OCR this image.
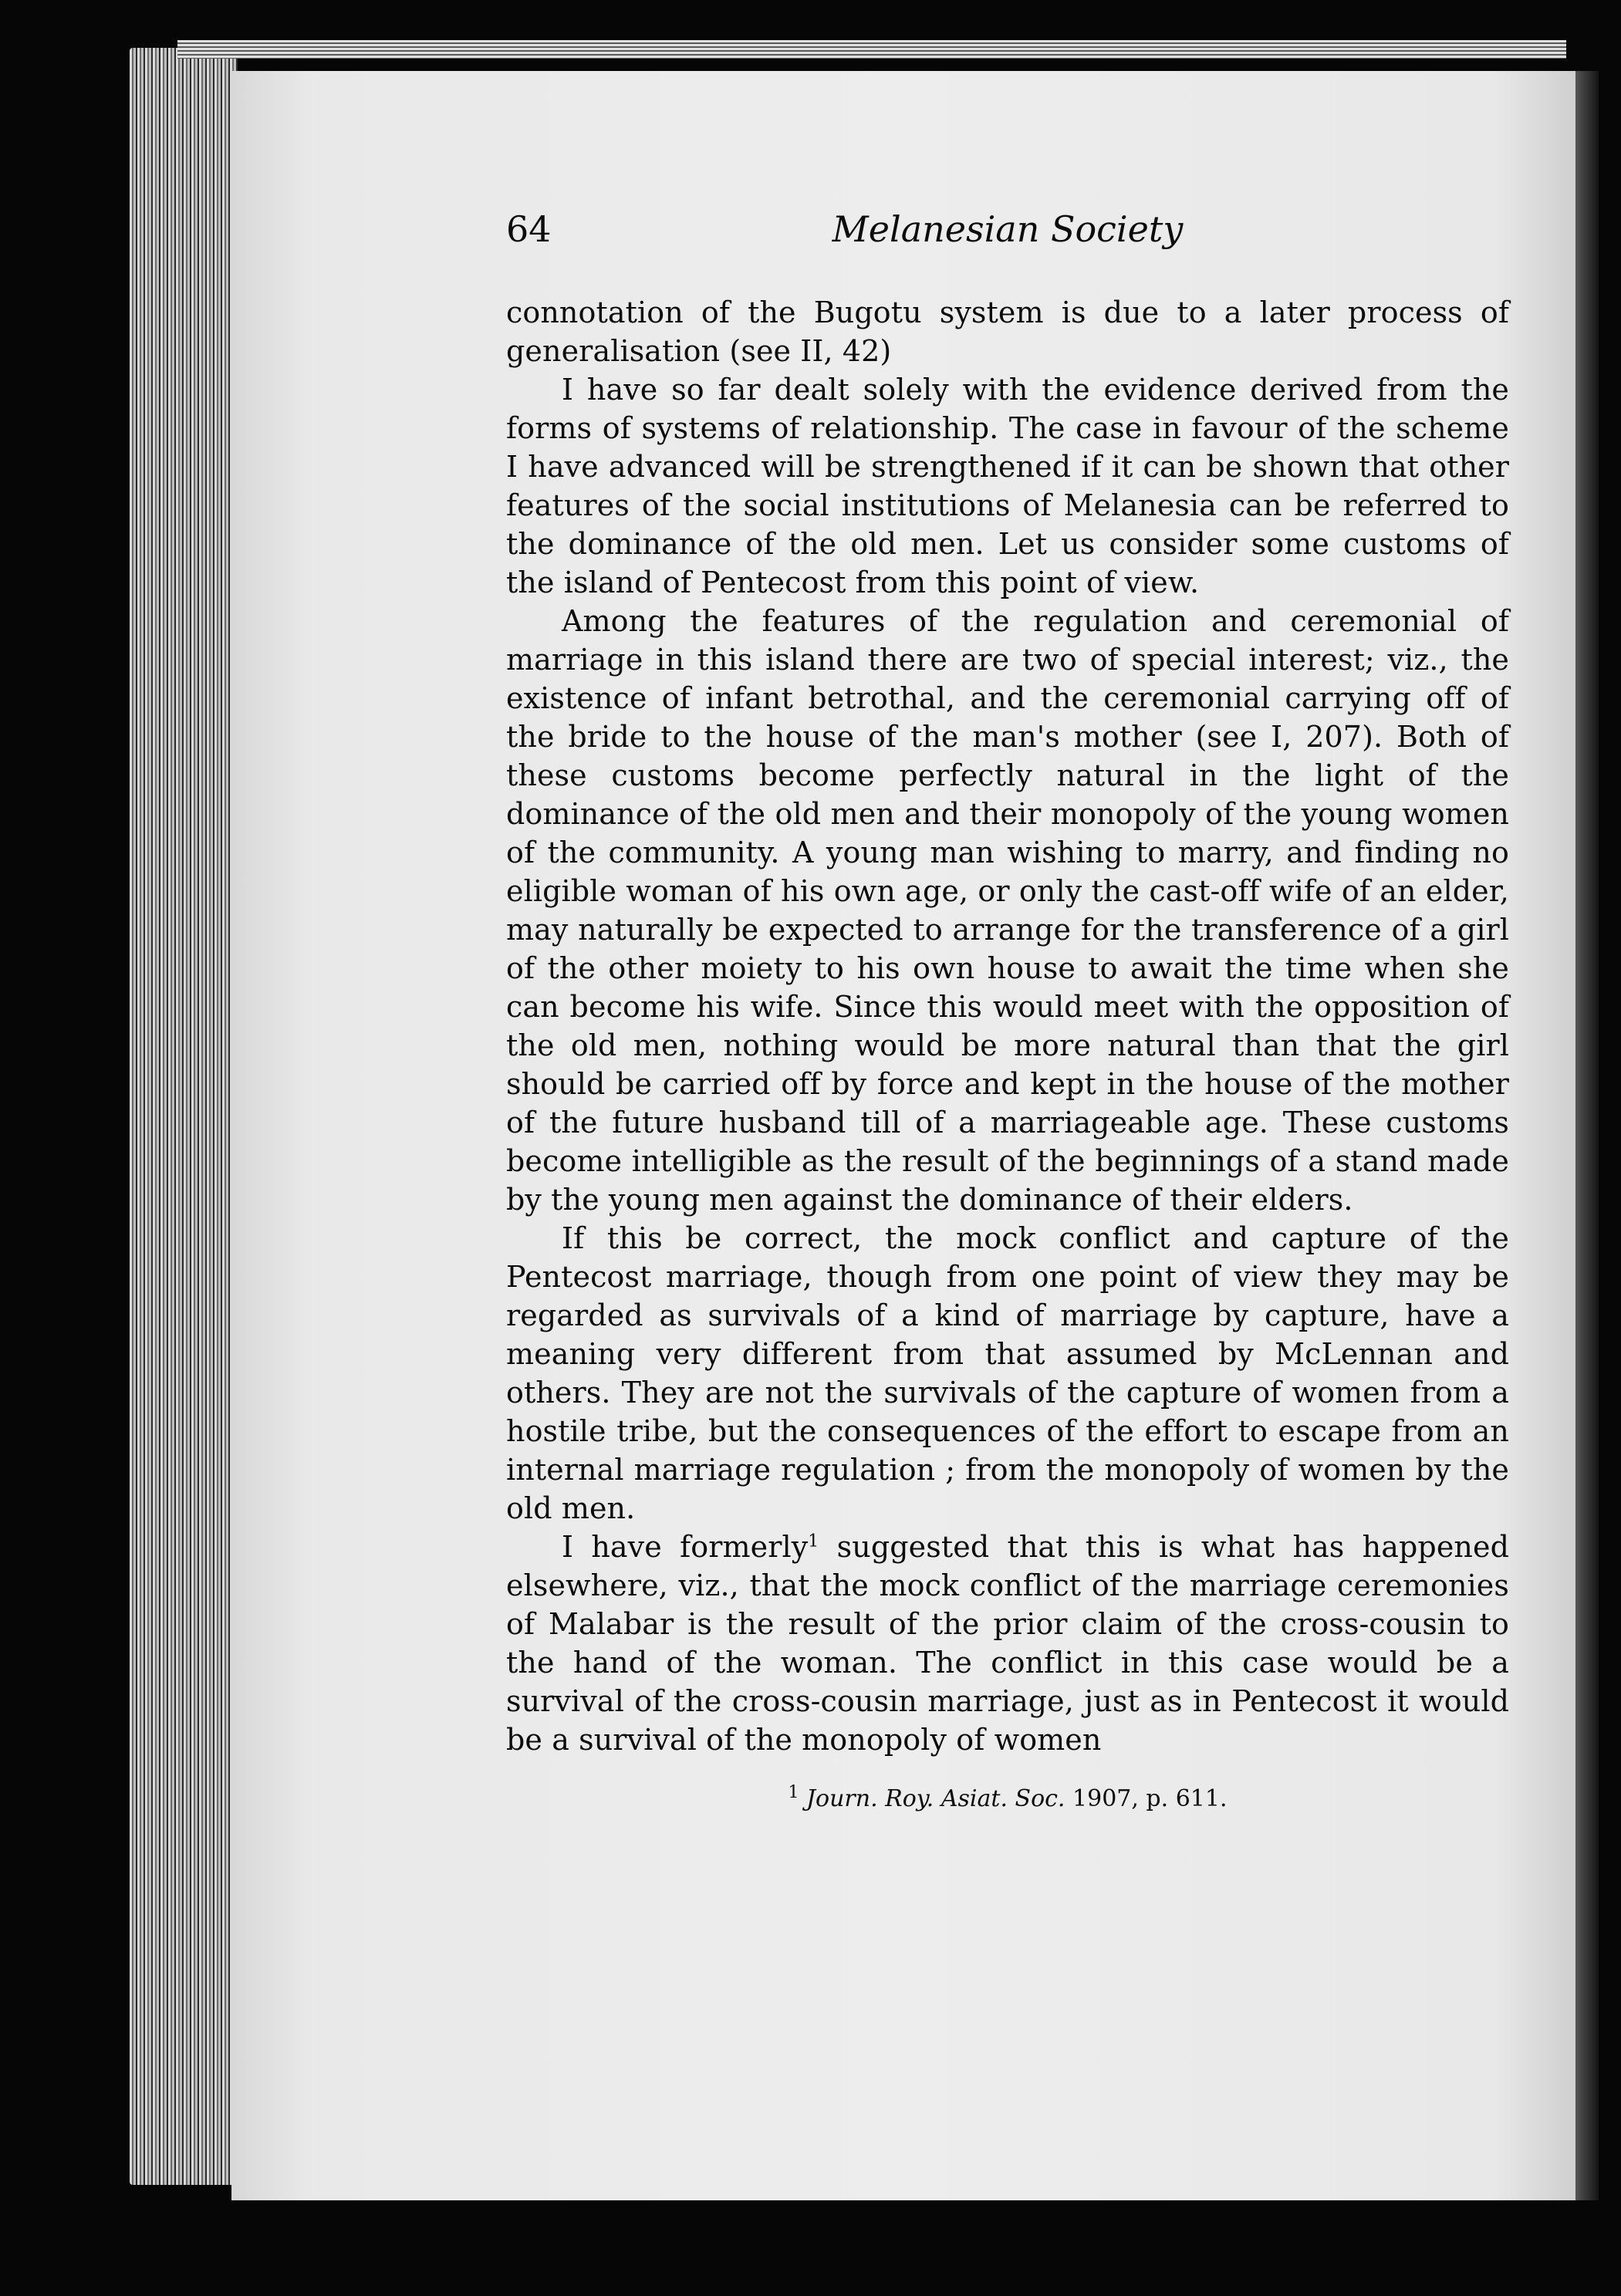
64	Melanesian Society

connotation of the Bugotu system is due to a later process of generalisation (see II, 42)

I have so far dealt solely with the evidence derived from the forms of systems of relationship. The case in favour of the scheme I have advanced will be strengthened if it can be shown that other features of the social institutions of Melanesia can be referred to the dominance of the old men. Let us consider some customs of the island of Pentecost from this point of view.

Among the features of the regulation and ceremonial of marriage in this island there are two of special interest; viz., the existence of infant betrothal, and the ceremonial carrying off of the bride to the house of the man's mother (see I, 207). Both of these customs become perfectly natural in the light of the dominance of the old men and their monopoly of the young women of the community. A young man wishing to marry, and finding no eligible woman of his own age, or only the cast-off wife of an elder, may naturally be expected to arrange for the transference of a girl of the other moiety to his own house to await the time when she can become his wife. Since this would meet with the opposition of the old men, nothing would be more natural than that the girl should be carried off by force and kept in the house of the mother of the future husband till of a marriageable age. These customs become intelligible as the result of the beginnings of a stand made by the young men against the dominance of their elders.

If this be correct, the mock conflict and capture of the Pentecost marriage, though from one point of view they may be regarded as survivals of a kind of marriage by capture, have a meaning very different from that assumed by McLennan and others. They are not the survivals of the capture of women from a hostile tribe, but the consequences of the effort to escape from an internal marriage regulation ; from the monopoly of women by the old men.

I have formerly$^1$ suggested that this is what has happened elsewhere, viz., that the mock conflict of the marriage ceremonies of Malabar is the result of the prior claim of the cross-cousin to the hand of the woman. The conflict in this case would be a survival of the cross-cousin marriage, just as in Pentecost it would be a survival of the monopoly of women

$^1$ Journ. Roy. Asiat. Soc. 1907, p. 611.
